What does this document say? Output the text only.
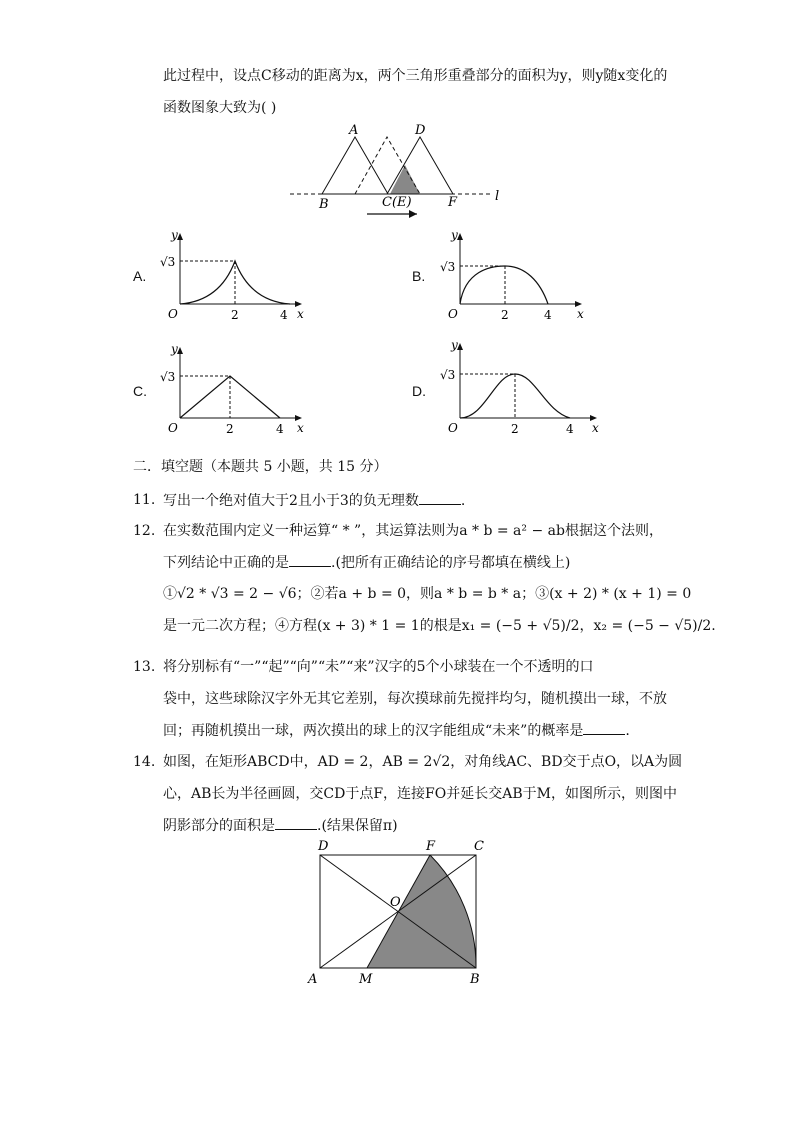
此过程中，设点C移动的距离为x，两个三角形重叠部分的面积为y，则y随x变化的
函数图象大致为( )
A	D
B	C(E)	F	l
A.
y
√3
O	2	4 x
B.
y
√3
O	2	4 x
C.
y
√3
O	2	4 x
D.
y
√3
O	2	4 x
二．填空题（本题共 5 小题，共 15 分）
11. 写出一个绝对值大于2且小于3的负无理数	.
12. 在实数范围内定义一种运算“ * ”，其运算法则为a * b = a² − ab根据这个法则，
下列结论中正确的是	.(把所有正确结论的序号都填在横线上)
①√2 * √3 = 2 − √6；②若a + b = 0，则a * b = b * a；③(x + 2) * (x + 1) = 0
是一元二次方程；④方程(x + 3) * 1 = 1的根是x₁ = (−5 + √5)/2，x₂ = (−5 − √5)/2.
13. 将分别标有“一”“起”“向”“未”“来”汉字的5个小球装在一个不透明的口
袋中，这些球除汉字外无其它差别，每次摸球前先搅拌均匀，随机摸出一球，不放
回；再随机摸出一球，两次摸出的球上的汉字能组成“未来”的概率是	.
14. 如图，在矩形ABCD中，AD = 2，AB = 2√2，对角线AC、BD交于点O，以A为圆
心，AB长为半径画圆，交CD于点F，连接FO并延长交AB于M，如图所示，则图中
阴影部分的面积是	.(结果保留π)
D	F	C
O
A	M	B
